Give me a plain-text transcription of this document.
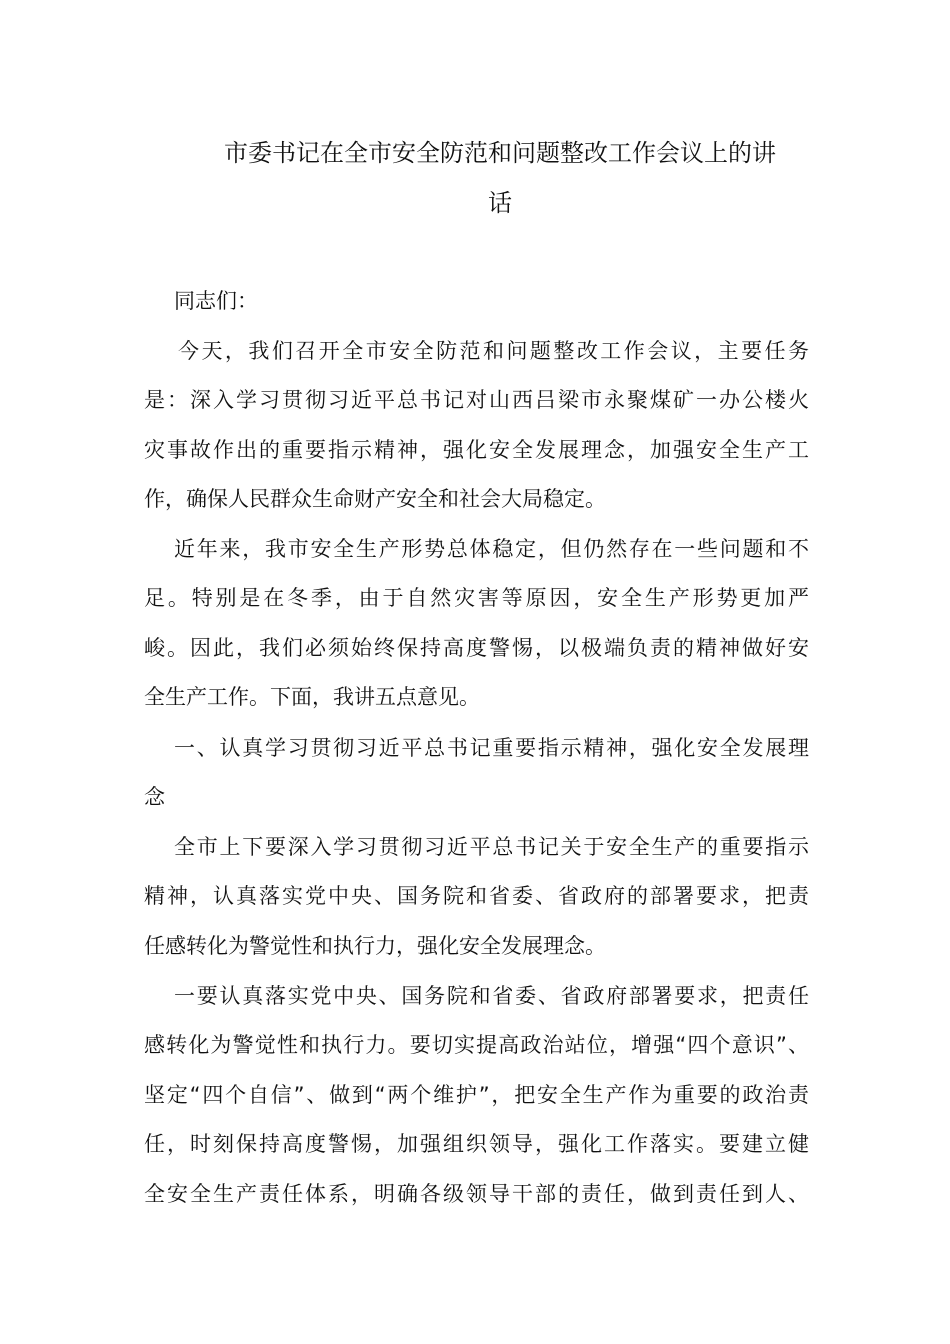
市委书记在全市安全防范和问题整改工作会议上的讲
话
同志们：
今天，我们召开全市安全防范和问题整改工作会议，主要任务
是：深入学习贯彻习近平总书记对山西吕梁市永聚煤矿一办公楼火
灾事故作出的重要指示精神，强化安全发展理念，加强安全生产工
作，确保人民群众生命财产安全和社会大局稳定。
近年来，我市安全生产形势总体稳定，但仍然存在一些问题和不
足。特别是在冬季，由于自然灾害等原因，安全生产形势更加严
峻。因此，我们必须始终保持高度警惕，以极端负责的精神做好安
全生产工作。下面，我讲五点意见。
一、认真学习贯彻习近平总书记重要指示精神，强化安全发展理
念
全市上下要深入学习贯彻习近平总书记关于安全生产的重要指示
精神，认真落实党中央、国务院和省委、省政府的部署要求，把责
任感转化为警觉性和执行力，强化安全发展理念。
一要认真落实党中央、国务院和省委、省政府部署要求，把责任
感转化为警觉性和执行力。要切实提高政治站位，增强“四个意识”、
坚定“四个自信”、做到“两个维护”，把安全生产作为重要的政治责
任，时刻保持高度警惕，加强组织领导，强化工作落实。要建立健
全安全生产责任体系，明确各级领导干部的责任，做到责任到人、
